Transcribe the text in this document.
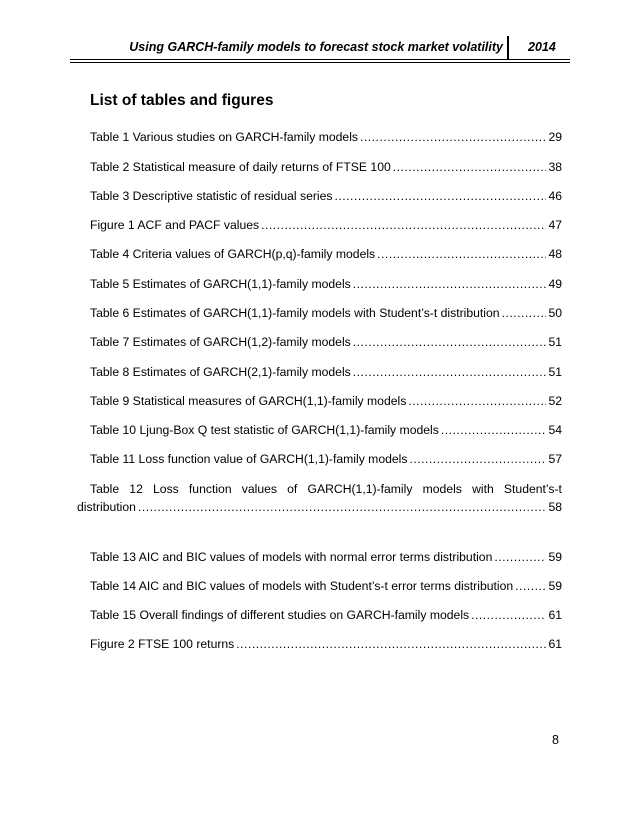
Using GARCH-family models to forecast stock market volatility 2014
List of tables and figures
Table 1 Various studies on GARCH-family models .....	29
Table 2 Statistical measure of daily returns of FTSE 100 .....	38
Table 3 Descriptive statistic of residual series .....	46
Figure 1 ACF and PACF values .....	47
Table 4 Criteria values of GARCH(p,q)-family models .....	48
Table 5 Estimates of GARCH(1,1)-family models .....	49
Table 6 Estimates of GARCH(1,1)-family models with Student’s-t distribution .....	50
Table 7 Estimates of GARCH(1,2)-family models .....	51
Table 8 Estimates of GARCH(2,1)-family models .....	51
Table 9 Statistical measures of GARCH(1,1)-family models .....	52
Table 10 Ljung-Box Q test statistic of GARCH(1,1)-family models .....	54
Table 11 Loss function value of GARCH(1,1)-family models .....	57
Table 12 Loss function values of GARCH(1,1)-family models with Student’s-t
distribution .....	58
Table 13 AIC and BIC values of models with normal error terms distribution .....	59
Table 14 AIC and BIC values of models with Student’s-t error terms distribution .....	59
Table 15 Overall findings of different studies on GARCH-family models .....	61
Figure 2 FTSE 100 returns .....	61
8
